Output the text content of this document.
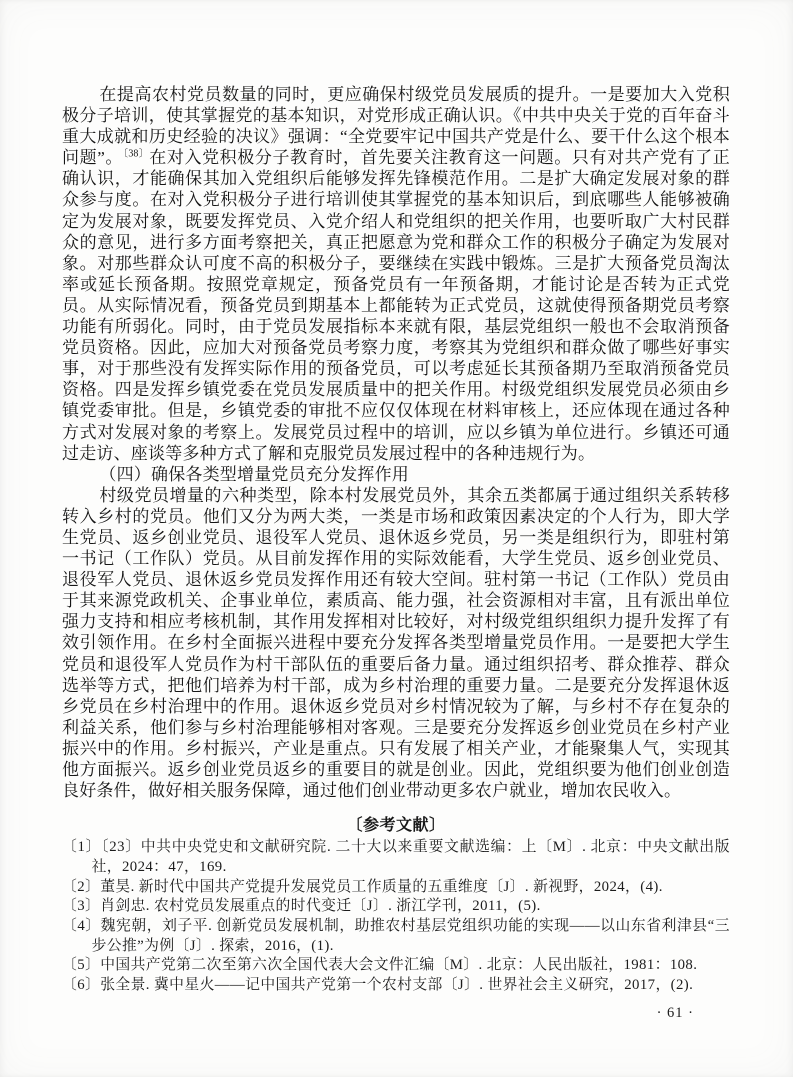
在提高农村党员数量的同时，更应确保村级党员发展质的提升。一是要加大入党积极分子培训，使其掌握党的基本知识，对党形成正确认识。《中共中央关于党的百年奋斗重大成就和历史经验的决议》强调：“全党要牢记中国共产党是什么、要干什么这个根本问题”。$^{〔38〕}$在对入党积极分子教育时，首先要关注教育这一问题。只有对共产党有了正确认识，才能确保其加入党组织后能够发挥先锋模范作用。二是扩大确定发展对象的群众参与度。在对入党积极分子进行培训使其掌握党的基本知识后，到底哪些人能够被确定为发展对象，既要发挥党员、入党介绍人和党组织的把关作用，也要听取广大村民群众的意见，进行多方面考察把关，真正把愿意为党和群众工作的积极分子确定为发展对象。对那些群众认可度不高的积极分子，要继续在实践中锻炼。三是扩大预备党员淘汰率或延长预备期。按照党章规定，预备党员有一年预备期，才能讨论是否转为正式党员。从实际情况看，预备党员到期基本上都能转为正式党员，这就使得预备期党员考察功能有所弱化。同时，由于党员发展指标本来就有限，基层党组织一般也不会取消预备党员资格。因此，应加大对预备党员考察力度，考察其为党组织和群众做了哪些好事实事，对于那些没有发挥实际作用的预备党员，可以考虑延长其预备期乃至取消预备党员资格。四是发挥乡镇党委在党员发展质量中的把关作用。村级党组织发展党员必须由乡镇党委审批。但是，乡镇党委的审批不应仅仅体现在材料审核上，还应体现在通过各种方式对发展对象的考察上。发展党员过程中的培训，应以乡镇为单位进行。乡镇还可通过走访、座谈等多种方式了解和克服党员发展过程中的各种违规行为。

（四）确保各类型增量党员充分发挥作用

村级党员增量的六种类型，除本村发展党员外，其余五类都属于通过组织关系转移转入乡村的党员。他们又分为两大类，一类是市场和政策因素决定的个人行为，即大学生党员、返乡创业党员、退役军人党员、退休返乡党员，另一类是组织行为，即驻村第一书记（工作队）党员。从目前发挥作用的实际效能看，大学生党员、返乡创业党员、退役军人党员、退休返乡党员发挥作用还有较大空间。驻村第一书记（工作队）党员由于其来源党政机关、企事业单位，素质高、能力强，社会资源相对丰富，且有派出单位强力支持和相应考核机制，其作用发挥相对比较好，对村级党组织组织力提升发挥了有效引领作用。在乡村全面振兴进程中要充分发挥各类型增量党员作用。一是要把大学生党员和退役军人党员作为村干部队伍的重要后备力量。通过组织招考、群众推荐、群众选举等方式，把他们培养为村干部，成为乡村治理的重要力量。二是要充分发挥退休返乡党员在乡村治理中的作用。退休返乡党员对乡村情况较为了解，与乡村不存在复杂的利益关系，他们参与乡村治理能够相对客观。三是要充分发挥返乡创业党员在乡村产业振兴中的作用。乡村振兴，产业是重点。只有发展了相关产业，才能聚集人气，实现其他方面振兴。返乡创业党员返乡的重要目的就是创业。因此，党组织要为他们创业创造良好条件，做好相关服务保障，通过他们创业带动更多农户就业，增加农民收入。

〔参考文献〕
〔1〕〔23〕中共中央党史和文献研究院. 二十大以来重要文献选编：上〔M〕. 北京：中央文献出版社，2024：47，169.
〔2〕董昊. 新时代中国共产党提升发展党员工作质量的五重维度〔J〕. 新视野，2024，(4).
〔3〕肖剑忠. 农村党员发展重点的时代变迁〔J〕. 浙江学刊，2011，(5).
〔4〕魏宪朝，刘子平. 创新党员发展机制，助推农村基层党组织功能的实现——以山东省利津县“三步公推”为例〔J〕. 探索，2016，(1).
〔5〕中国共产党第二次至第六次全国代表大会文件汇编〔M〕. 北京：人民出版社，1981：108.
〔6〕张全景. 冀中星火——记中国共产党第一个农村支部〔J〕. 世界社会主义研究，2017，(2).
· 61 ·
